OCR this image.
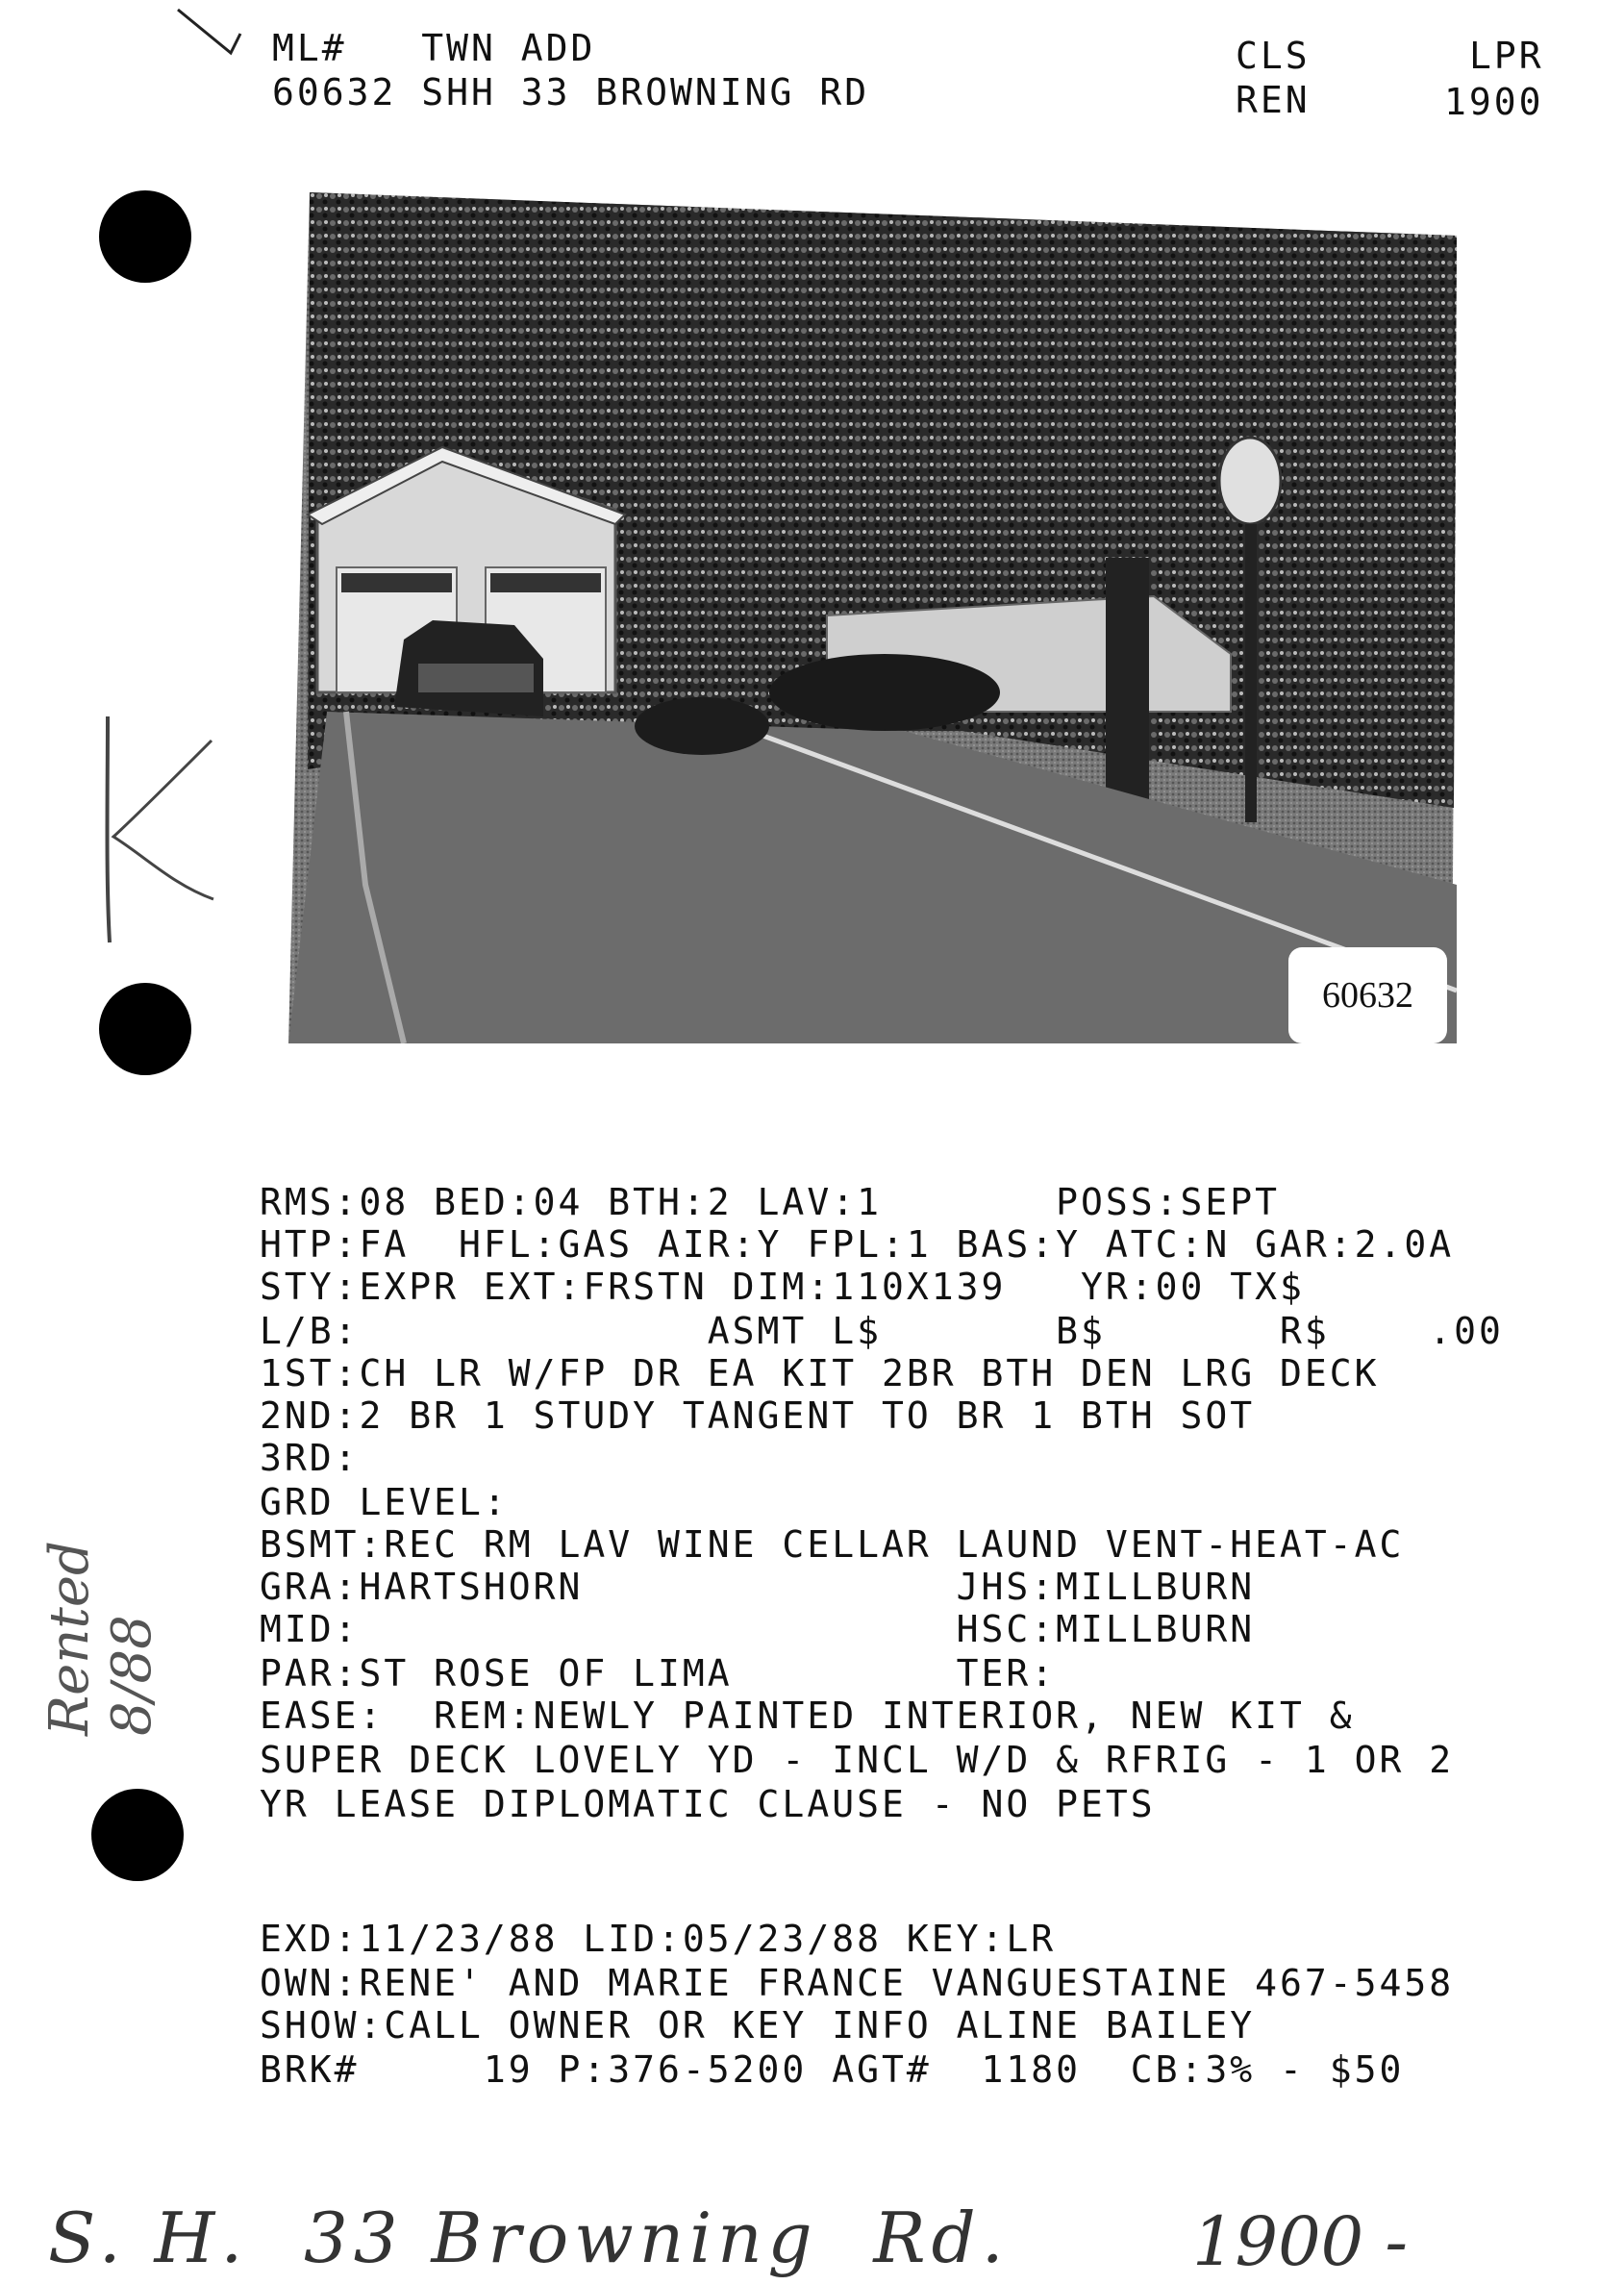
ML#   TWN ADD
60632 SHH 33 BROWNING RD
CLS
REN
LPR
1900
Rented 8/88
60632
RMS:08 BED:04 BTH:2 LAV:1       POSS:SEPT
HTP:FA  HFL:GAS AIR:Y FPL:1 BAS:Y ATC:N GAR:2.0A
STY:EXPR EXT:FRSTN DIM:110X139   YR:00 TX$
L/B:              ASMT L$       B$       R$    .00
1ST:CH LR W/FP DR EA KIT 2BR BTH DEN LRG DECK
2ND:2 BR 1 STUDY TANGENT TO BR 1 BTH SOT
3RD:
GRD LEVEL:
BSMT:REC RM LAV WINE CELLAR LAUND VENT-HEAT-AC
GRA:HARTSHORN               JHS:MILLBURN
MID:                        HSC:MILLBURN
PAR:ST ROSE OF LIMA         TER:
EASE:  REM:NEWLY PAINTED INTERIOR, NEW KIT &
SUPER DECK LOVELY YD - INCL W/D & RFRIG - 1 OR 2
YR LEASE DIPLOMATIC CLAUSE - NO PETS
EXD:11/23/88 LID:05/23/88 KEY:LR
OWN:RENE' AND MARIE FRANCE VANGUESTAINE 467-5458
SHOW:CALL OWNER OR KEY INFO ALINE BAILEY
BRK#     19 P:376-5200 AGT#  1180  CB:3% - $50
S. H.  33 Browning  Rd.	1900 -
